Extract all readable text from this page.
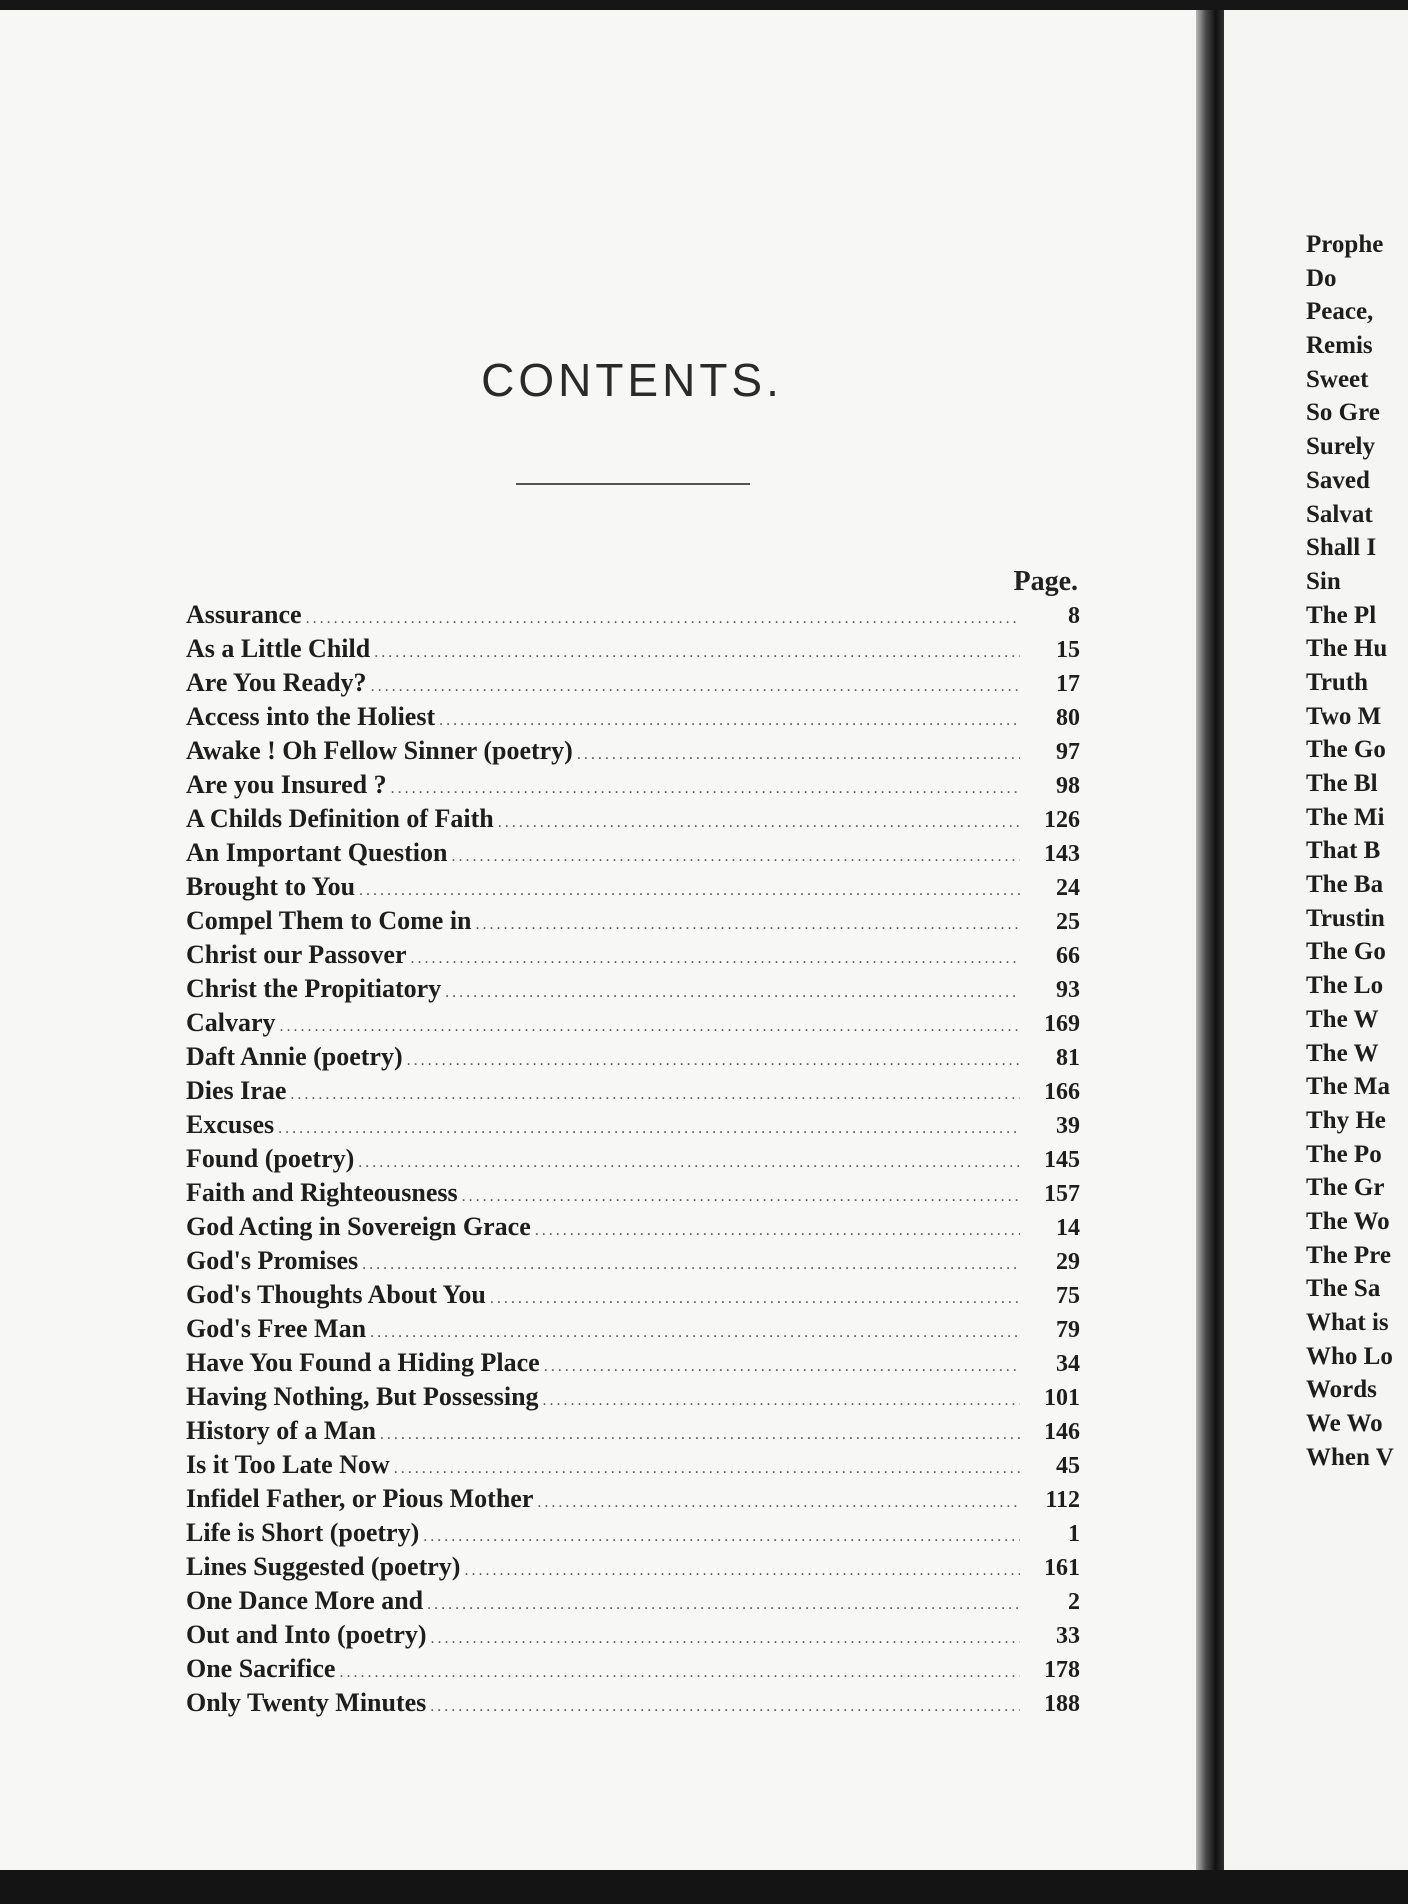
CONTENTS.
Page.
Assurance .....	8
As a Little Child .....	15
Are You Ready? .....	17
Access into the Holiest .....	80
Awake ! Oh Fellow Sinner (poetry) .....	97
Are you Insured ? .....	98
A Childs Definition of Faith .....	126
An Important Question .....	143
Brought to You .....	24
Compel Them to Come in .....	25
Christ our Passover .....	66
Christ the Propitiatory .....	93
Calvary .....	169
Daft Annie (poetry) .....	81
Dies Irae .....	166
Excuses .....	39
Found (poetry) .....	145
Faith and Righteousness .....	157
God Acting in Sovereign Grace .....	14
God's Promises .....	29
God's Thoughts About You .....	75
God's Free Man .....	79
Have You Found a Hiding Place .....	34
Having Nothing, But Possessing .....	101
History of a Man .....	146
Is it Too Late Now .....	45
Infidel Father, or Pious Mother .....	112
Life is Short (poetry) .....	1
Lines Suggested (poetry) .....	161
One Dance More and .....	2
Out and Into (poetry) .....	33
One Sacrifice .....	178
Only Twenty Minutes .....	188
Prophe
Do
Peace,
Remis
Sweet
So Gre
Surely
Saved
Salvat
Shall I
Sin
The Pl
The Hu
Truth
Two M
The Go
The Bl
The Mi
That B
The Ba
Trustin
The Go
The Lo
The W
The W
The Ma
Thy He
The Po
The Gr
The Wo
The Pre
The Sa
What is
Who Lo
Words
We Wo
When V
